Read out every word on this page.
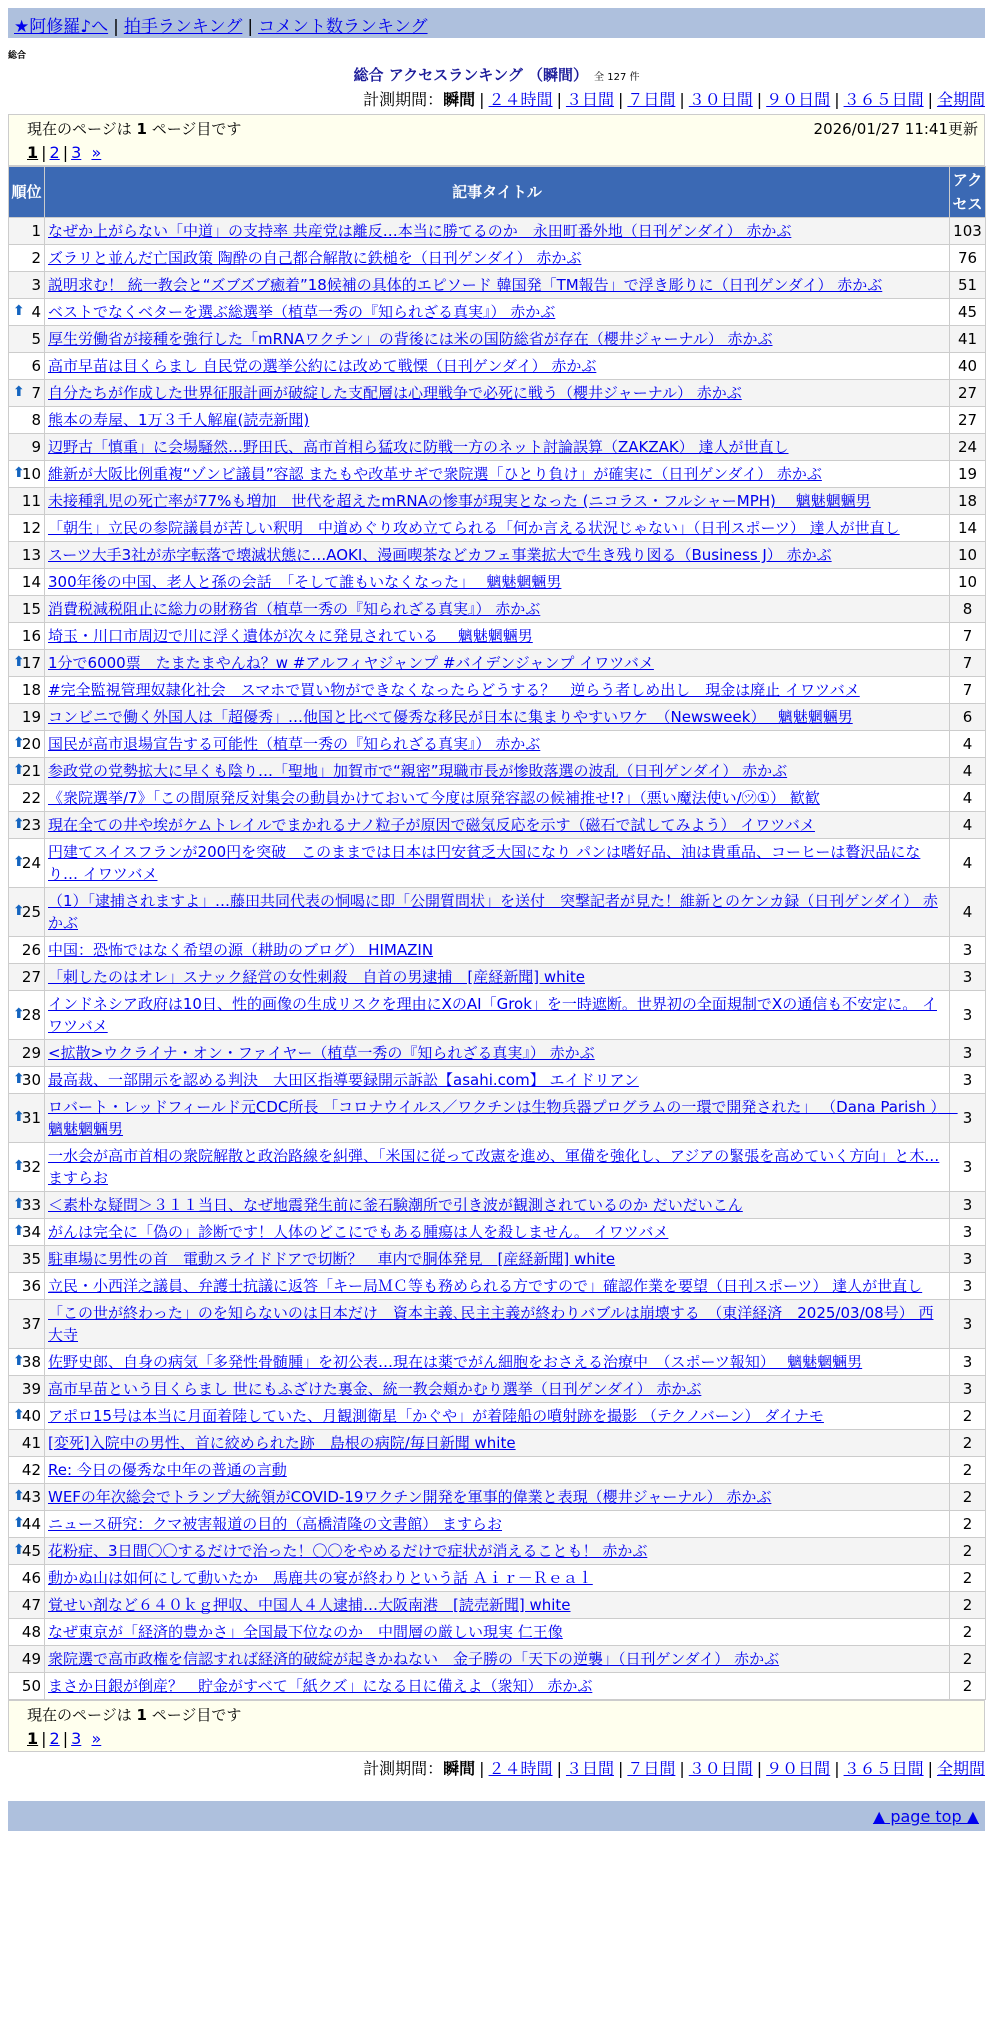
★阿修羅♪へ | 拍手ランキング | コメント数ランキング
総合
総合 アクセスランキング （瞬間） 全 127 件
計測期間：瞬間 | ２４時間 | ３日間 | ７日間 | ３０日間 | ９０日間 | ３６５日間 | 全期間
現在のページは 1 ページ目です	2026/01/27 11:41更新
1 | 2 | 3 »
順位	記事タイトル	アクセス
1	なぜか上がらない「中道」の支持率 共産党は離反…本当に勝てるのか　永田町番外地（日刊ゲンダイ） 赤かぶ	103
2	ズラリと並んだ亡国政策 陶酔の自己都合解散に鉄槌を（日刊ゲンダイ） 赤かぶ	76
3	説明求む！ 統一教会と“ズブズブ癒着”18候補の具体的エピソード 韓国発「TM報告」で浮き彫りに（日刊ゲンダイ） 赤かぶ	51

⬆ 4	ベストでなくベターを選ぶ総選挙（植草一秀の『知られざる真実』） 赤かぶ	45
5	厚生労働省が接種を強行した「mRNAワクチン」の背後には米の国防総省が存在（櫻井ジャーナル） 赤かぶ	41
6	高市早苗は目くらまし 自民党の選挙公約には改めて戦慄（日刊ゲンダイ） 赤かぶ	40

⬆ 7	自分たちが作成した世界征服計画が破綻した支配層は心理戦争で必死に戦う（櫻井ジャーナル） 赤かぶ	27
8	熊本の寿屋、1万３千人解雇(読売新聞)	27
9	辺野古「慎重」に会場騒然…野田氏、高市首相ら猛攻に防戦一方のネット討論誤算（ZAKZAK） 達人が世直し	24

⬆
10	維新が大阪比例重複“ゾンビ議員”容認 またもや改革サギで衆院選「ひとり負け」が確実に（日刊ゲンダイ） 赤かぶ	19
11	未接種乳児の死亡率が77%も増加　世代を超えたmRNAの惨事が現実となった (ニコラス・フルシャーMPH)　 魑魅魍魎男	18
12	「朝生」立民の参院議員が苦しい釈明　中道めぐり攻め立てられる「何か言える状況じゃない」（日刊スポーツ） 達人が世直し	14
13	スーツ大手3社が赤字転落で壊滅状態に…AOKI、漫画喫茶などカフェ事業拡大で生き残り図る（Business J） 赤かぶ	10
14	300年後の中国、老人と孫の会話　「そして誰もいなくなった」　 魑魅魍魎男	10
15	消費税減税阻止に総力の財務省（植草一秀の『知られざる真実』） 赤かぶ	8
16	埼玉・川口市周辺で川に浮く遺体が次々に発見されている　 魑魅魍魎男	7

⬆
17	1分で6000票　たまたまやんね？w #アルフィヤジャンプ #バイデンジャンプ イワツバメ	7
18	#完全監視管理奴隷化社会　スマホで買い物ができなくなったらどうする？　逆らう者しめ出し　現金は廃止 イワツバメ	7
19	コンビニで働く外国人は「超優秀」…他国と比べて優秀な移民が日本に集まりやすいワケ　（Newsweek）　 魑魅魍魎男	6

⬆
20	国民が高市退場宣告する可能性（植草一秀の『知られざる真実』） 赤かぶ	4

⬆
21	参政党の党勢拡大に早くも陰り…「聖地」加賀市で“親密”現職市長が惨敗落選の波乱（日刊ゲンダイ） 赤かぶ	4
22	《衆院選挙/7》「この間原発反対集会の動員かけておいて今度は原発容認の候補推せ!?」（悪い魔法使い/㋡①） 歓歓	4

⬆
23	現在全ての井や埃がケムトレイルでまかれるナノ粒子が原因で磁気反応を示す（磁石で試してみよう） イワツバメ	4

⬆
24	円建てスイスフランが200円を突破　このままでは日本は円安貧乏大国になり パンは嗜好品、油は貴重品、コーヒーは贅沢品になり… イワツバメ	4

⬆
25	（1）「逮捕されますよ」…藤田共同代表の恫喝に即「公開質問状」を送付　突撃記者が見た！維新とのケンカ録（日刊ゲンダイ） 赤かぶ	4
26	中国：恐怖ではなく希望の源（耕助のブログ） HIMAZIN	3
27	「刺したのはオレ」スナック経営の女性刺殺　自首の男逮捕　[産経新聞] white	3

⬆
28	インドネシア政府は10日、性的画像の生成リスクを理由にXのAI「Grok」を一時遮断。世界初の全面規制でXの通信も不安定に。 イワツバメ	3
29	<拡散>ウクライナ・オン・ファイヤー（植草一秀の『知られざる真実』） 赤かぶ	3

⬆
30	最高裁、一部開示を認める判決　大田区指導要録開示訴訟【asahi.com】 エイドリアン	3

⬆
31	ロバート・レッドフィールド元CDC所長 「コロナウイルス／ワクチンは生物兵器プログラムの一環で開発された」 （Dana Parish ）　 魑魅魍魎男	3

⬆
32	一水会が高市首相の衆院解散と政治路線を糾弾、「米国に従って改憲を進め、軍備を強化し、アジアの緊張を高めていく方向」と木… ますらお	3

⬆
33	＜素朴な疑問＞３１１当日、なぜ地震発生前に釜石験潮所で引き波が観測されているのか だいだいこん	3

⬆
34	がんは完全に「偽の」診断です！人体のどこにでもある腫瘍は人を殺しません。 イワツバメ	3
35	駐車場に男性の首　電動スライドドアで切断？　車内で胴体発見　[産経新聞] white	3
36	立民・小西洋之議員、弁護士抗議に返答「キー局ＭＣ等も務められる方ですので」確認作業を要望（日刊スポーツ） 達人が世直し	3
37	「この世が終わった」のを知らないのは日本だけ　資本主義､民主主義が終わりバブルは崩壊する　（東洋経済　2025/03/08号） 西大寺	3

⬆
38	佐野史郎、自身の病気「多発性骨髄腫」を初公表…現在は薬でがん細胞をおさえる治療中　（スポーツ報知）　 魑魅魍魎男	3
39	高市早苗という目くらまし 世にもふざけた裏金、統一教会頬かむり選挙（日刊ゲンダイ） 赤かぶ	3

⬆
40	アポロ15号は本当に月面着陸していた、月観測衛星「かぐや」が着陸船の噴射跡を撮影 （テクノバーン） ダイナモ	2
41	[変死]入院中の男性、首に絞められた跡　島根の病院/毎日新聞 white	2
42	Re: 今日の優秀な中年の普通の言動	2

⬆
43	WEFの年次総会でトランプ大統領がCOVID-19ワクチン開発を軍事的偉業と表現（櫻井ジャーナル） 赤かぶ	2

⬆
44	ニュース研究：クマ被害報道の目的（高橋清隆の文書館） ますらお	2

⬆
45	花粉症、3日間〇〇するだけで治った！〇〇をやめるだけで症状が消えることも！ 赤かぶ	2
46	動かぬ山は如何にして動いたか　馬鹿共の宴が終わりという話 Ａｉｒ－Ｒｅａｌ	2
47	覚せい剤など６４０ｋｇ押収、中国人４人逮捕…大阪南港　[読売新聞] white	2
48	なぜ東京が「経済的豊かさ」全国最下位なのか　中間層の厳しい現実 仁王像	2
49	衆院選で高市政権を信認すれば経済的破綻が起きかねない　金子勝の「天下の逆襲」（日刊ゲンダイ） 赤かぶ	2
50	まさか日銀が倒産？　貯金がすべて「紙クズ」になる日に備えよ（衆知） 赤かぶ	2
現在のページは 1 ページ目です
1 | 2 | 3 »
計測期間：瞬間 | ２４時間 | ３日間 | ７日間 | ３０日間 | ９０日間 | ３６５日間 | 全期間
▲ page top ▲
